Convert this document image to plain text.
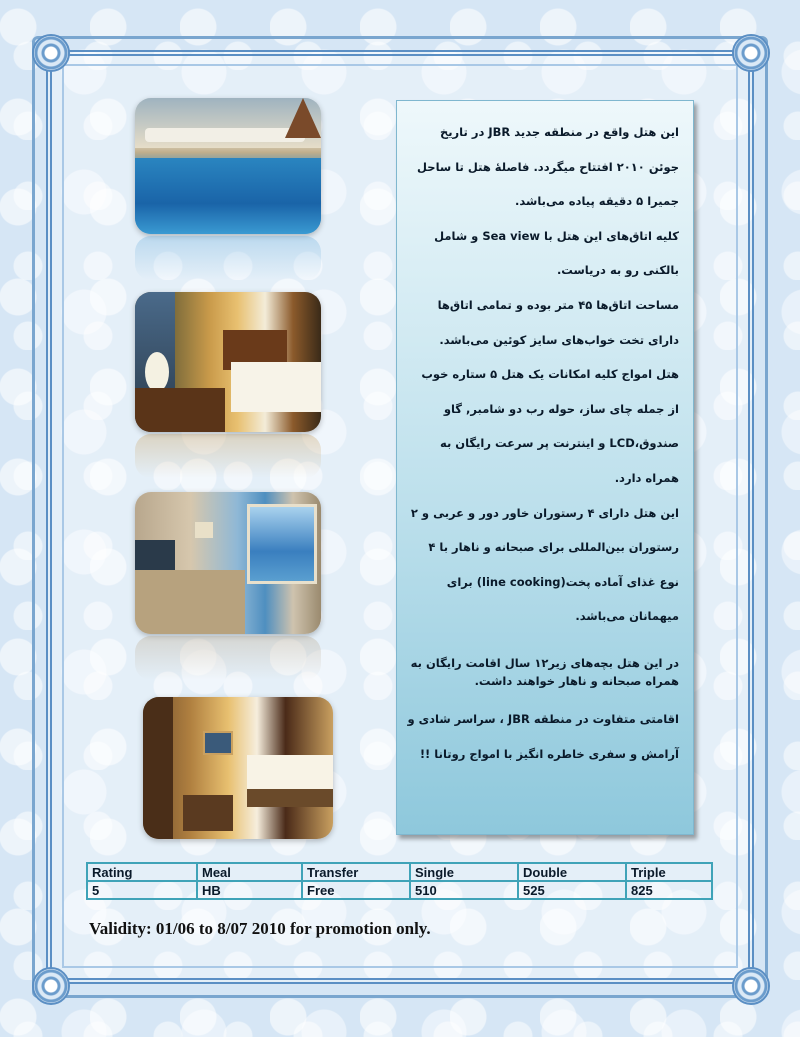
این هتل واقع در منطقه جدید JBR در تاریخ جوئن ۲۰۱۰ افتتاح میگردد. فاصلهٔ هتل تا ساحل جمیرا ۵ دقیقه پیاده می‌باشد.

کلیه اتاق‌های این هتل با Sea view و شامل بالکنی رو به دریاست.

مساحت اتاق‌ها ۴۵ متر بوده و تمامی اتاق‌ها دارای تخت خواب‌های سایز کوئین می‌باشد.

هتل امواج کلیه امکانات یک هتل ۵ ستاره خوب از جمله چای ساز، حوله رب دو شامبر, گاو صندوق،LCD و اینترنت پر سرعت رایگان به همراه دارد.

این هتل دارای ۴ رستوران خاور دور و عربی و ۲ رستوران بین‌المللی برای صبحانه و ناهار با ۴ نوع غذای آماده پخت(line cooking) برای میهمانان می‌باشد.

در این هتل بچه‌های زیر۱۲ سال اقامت رایگان به همراه صبحانه و ناهار خواهند داشت.

اقامتی متفاوت در منطقه JBR ، سراسر شادی و آرامش و سفری خاطره انگیز با امواج روتانا !!

Rating	Meal	Transfer	Single	Double	Triple
5	HB	Free	510	525	825
Validity: 01/06 to 8/07 2010 for promotion only.
